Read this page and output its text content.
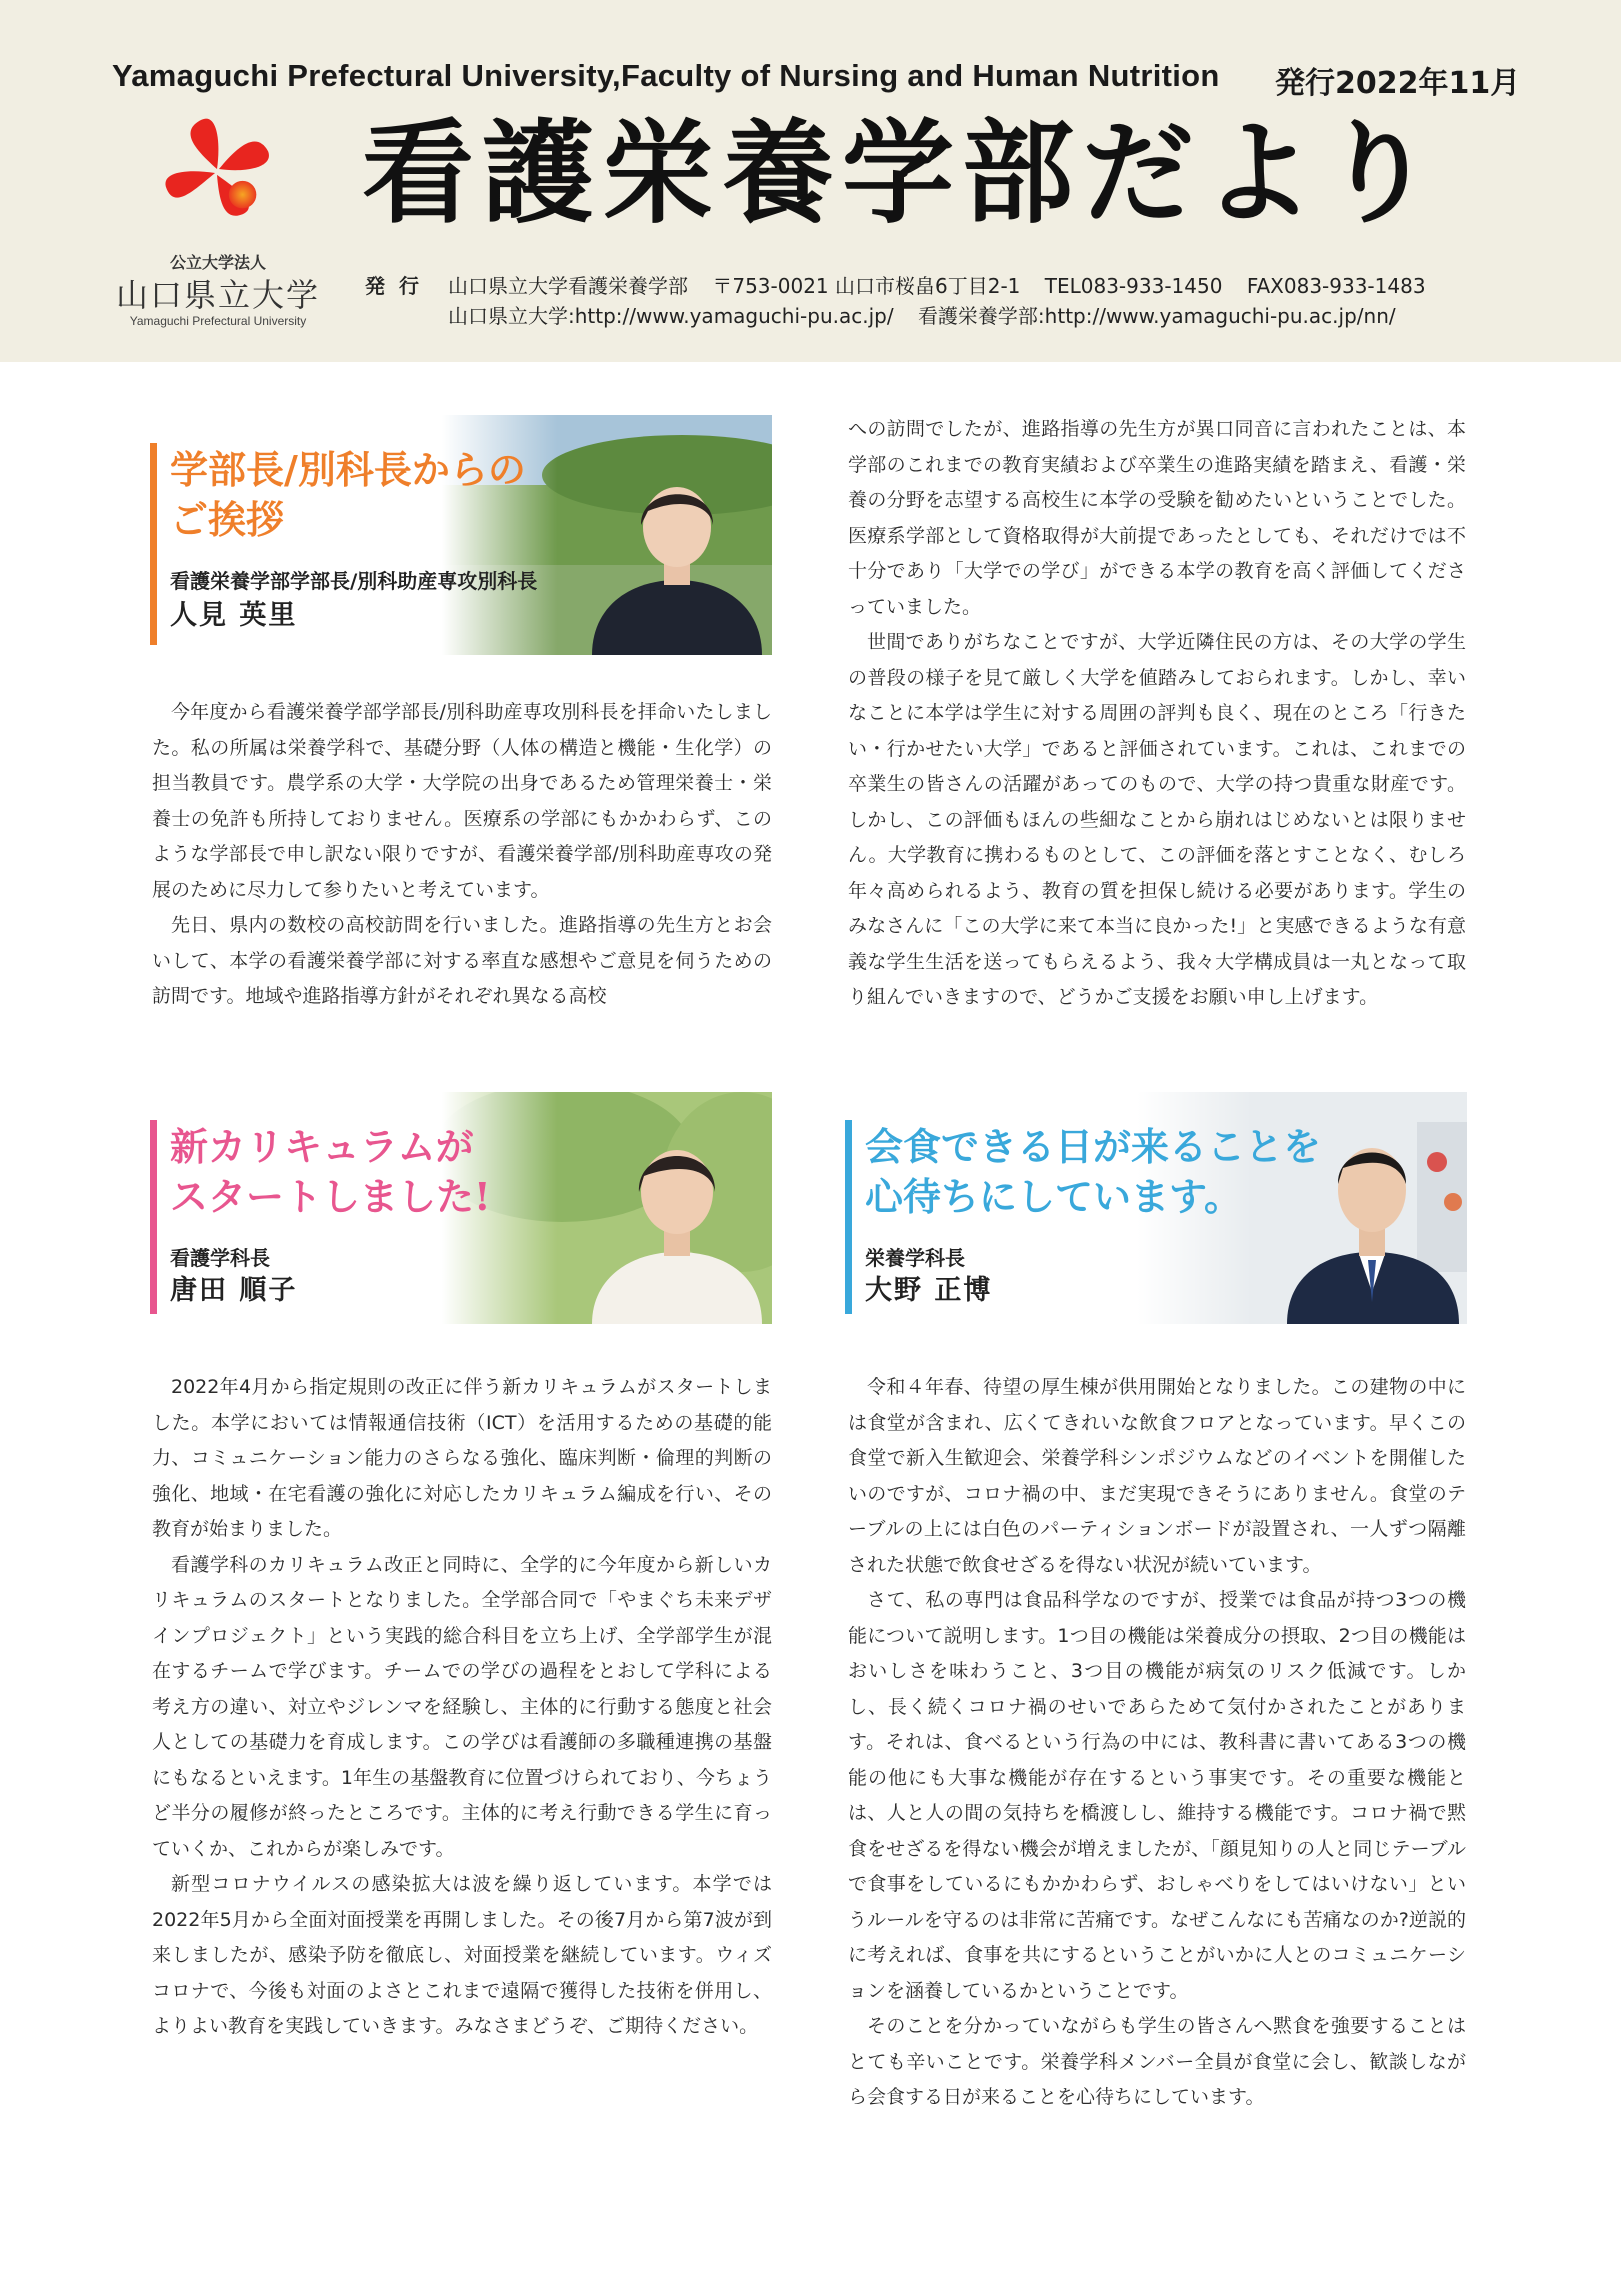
Yamaguchi Prefectural University,Faculty of Nursing and Human Nutrition 発行2022年11月
公立大学法人
山口県立大学
Yamaguchi Prefectural University
看護栄養学部だより
発行 山口県立大学看護栄養学部 〒753-0021 山口市桜畠6丁目2-1 TEL083-933-1450 FAX083-933-1483
山口県立大学:http://www.yamaguchi-pu.ac.jp/ 看護栄養学部:http://www.yamaguchi-pu.ac.jp/nn/
学部長/別科長からの
ご挨拶
看護栄養学部学部長/別科助産専攻別科長
人見 英里

今年度から看護栄養学部学部長/別科助産専攻別科長を拝命いたしました。私の所属は栄養学科で、基礎分野（人体の構造と機能・生化学）の担当教員です。農学系の大学・大学院の出身であるため管理栄養士・栄養士の免許も所持しておりません。医療系の学部にもかかわらず、このような学部長で申し訳ない限りですが、看護栄養学部/別科助産専攻の発展のために尽力して参りたいと考えています。

先日、県内の数校の高校訪問を行いました。進路指導の先生方とお会いして、本学の看護栄養学部に対する率直な感想やご意見を伺うための訪問です。地域や進路指導方針がそれぞれ異なる高校

への訪問でしたが、進路指導の先生方が異口同音に言われたことは、本学部のこれまでの教育実績および卒業生の進路実績を踏まえ、看護・栄養の分野を志望する高校生に本学の受験を勧めたいということでした。医療系学部として資格取得が大前提であったとしても、それだけでは不十分であり「大学での学び」ができる本学の教育を高く評価してくださっていました。

世間でありがちなことですが、大学近隣住民の方は、その大学の学生の普段の様子を見て厳しく大学を値踏みしておられます。しかし、幸いなことに本学は学生に対する周囲の評判も良く、現在のところ「行きたい・行かせたい大学」であると評価されています。これは、これまでの卒業生の皆さんの活躍があってのもので、大学の持つ貴重な財産です。しかし、この評価もほんの些細なことから崩れはじめないとは限りません。大学教育に携わるものとして、この評価を落とすことなく、むしろ年々高められるよう、教育の質を担保し続ける必要があります。学生のみなさんに「この大学に来て本当に良かった!」と実感できるような有意義な学生生活を送ってもらえるよう、我々大学構成員は一丸となって取り組んでいきますので、どうかご支援をお願い申し上げます。

新カリキュラムが
スタートしました!
看護学科長
唐田 順子
会食できる日が来ることを
心待ちにしています。
栄養学科長
大野 正博

2022年4月から指定規則の改正に伴う新カリキュラムがスタートしました。本学においては情報通信技術（ICT）を活用するための基礎的能力、コミュニケーション能力のさらなる強化、臨床判断・倫理的判断の強化、地域・在宅看護の強化に対応したカリキュラム編成を行い、その教育が始まりました。

看護学科のカリキュラム改正と同時に、全学的に今年度から新しいカリキュラムのスタートとなりました。全学部合同で「やまぐち未来デザインプロジェクト」という実践的総合科目を立ち上げ、全学部学生が混在するチームで学びます。チームでの学びの過程をとおして学科による考え方の違い、対立やジレンマを経験し、主体的に行動する態度と社会人としての基礎力を育成します。この学びは看護師の多職種連携の基盤にもなるといえます。1年生の基盤教育に位置づけられており、今ちょうど半分の履修が終ったところです。主体的に考え行動できる学生に育っていくか、これからが楽しみです。

新型コロナウイルスの感染拡大は波を繰り返しています。本学では2022年5月から全面対面授業を再開しました。その後7月から第7波が到来しましたが、感染予防を徹底し、対面授業を継続しています。ウィズコロナで、今後も対面のよさとこれまで遠隔で獲得した技術を併用し、よりよい教育を実践していきます。みなさまどうぞ、ご期待ください。

令和４年春、待望の厚生棟が供用開始となりました。この建物の中には食堂が含まれ、広くてきれいな飲食フロアとなっています。早くこの食堂で新入生歓迎会、栄養学科シンポジウムなどのイベントを開催したいのですが、コロナ禍の中、まだ実現できそうにありません。食堂のテーブルの上には白色のパーティションボードが設置され、一人ずつ隔離された状態で飲食せざるを得ない状況が続いています。

さて、私の専門は食品科学なのですが、授業では食品が持つ3つの機能について説明します。1つ目の機能は栄養成分の摂取、2つ目の機能はおいしさを味わうこと、3つ目の機能が病気のリスク低減です。しかし、長く続くコロナ禍のせいであらためて気付かされたことがあります。それは、食べるという行為の中には、教科書に書いてある3つの機能の他にも大事な機能が存在するという事実です。その重要な機能とは、人と人の間の気持ちを橋渡しし、維持する機能です。コロナ禍で黙食をせざるを得ない機会が増えましたが、「顔見知りの人と同じテーブルで食事をしているにもかかわらず、おしゃべりをしてはいけない」というルールを守るのは非常に苦痛です。なぜこんなにも苦痛なのか?逆説的に考えれば、食事を共にするということがいかに人とのコミュニケーションを涵養しているかということです。

そのことを分かっていながらも学生の皆さんへ黙食を強要することはとても辛いことです。栄養学科メンバー全員が食堂に会し、歓談しながら会食する日が来ることを心待ちにしています。
